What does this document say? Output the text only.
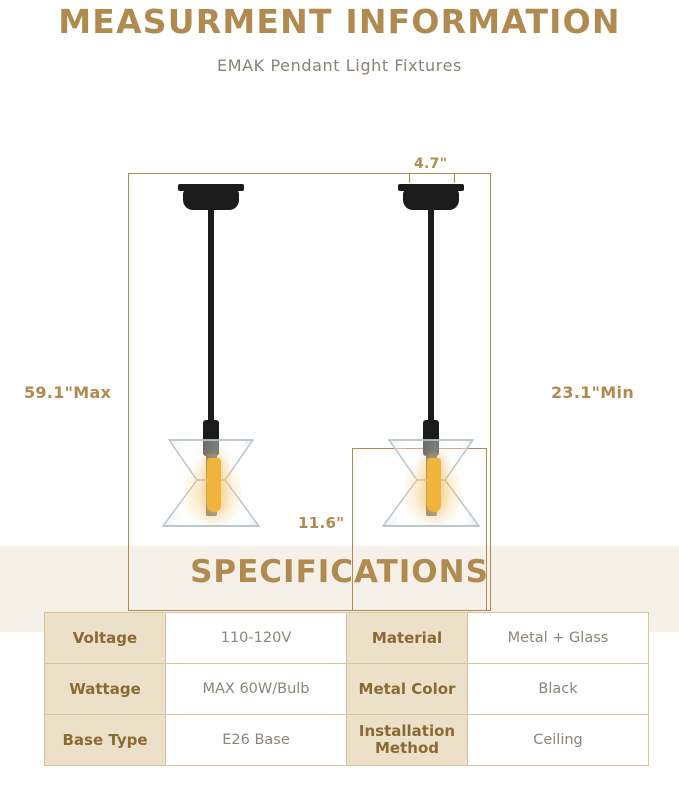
MEASURMENT INFORMATION
EMAK Pendant Light Fixtures
59.1"Max	23.1"Min
11.6"
4.7"
SPECIFICATIONS
Voltage	110-120V	Material	Metal + Glass
Wattage	MAX 60W/Bulb	Metal Color	Black
Base Type	E26 Base	Installation Method	Ceiling
